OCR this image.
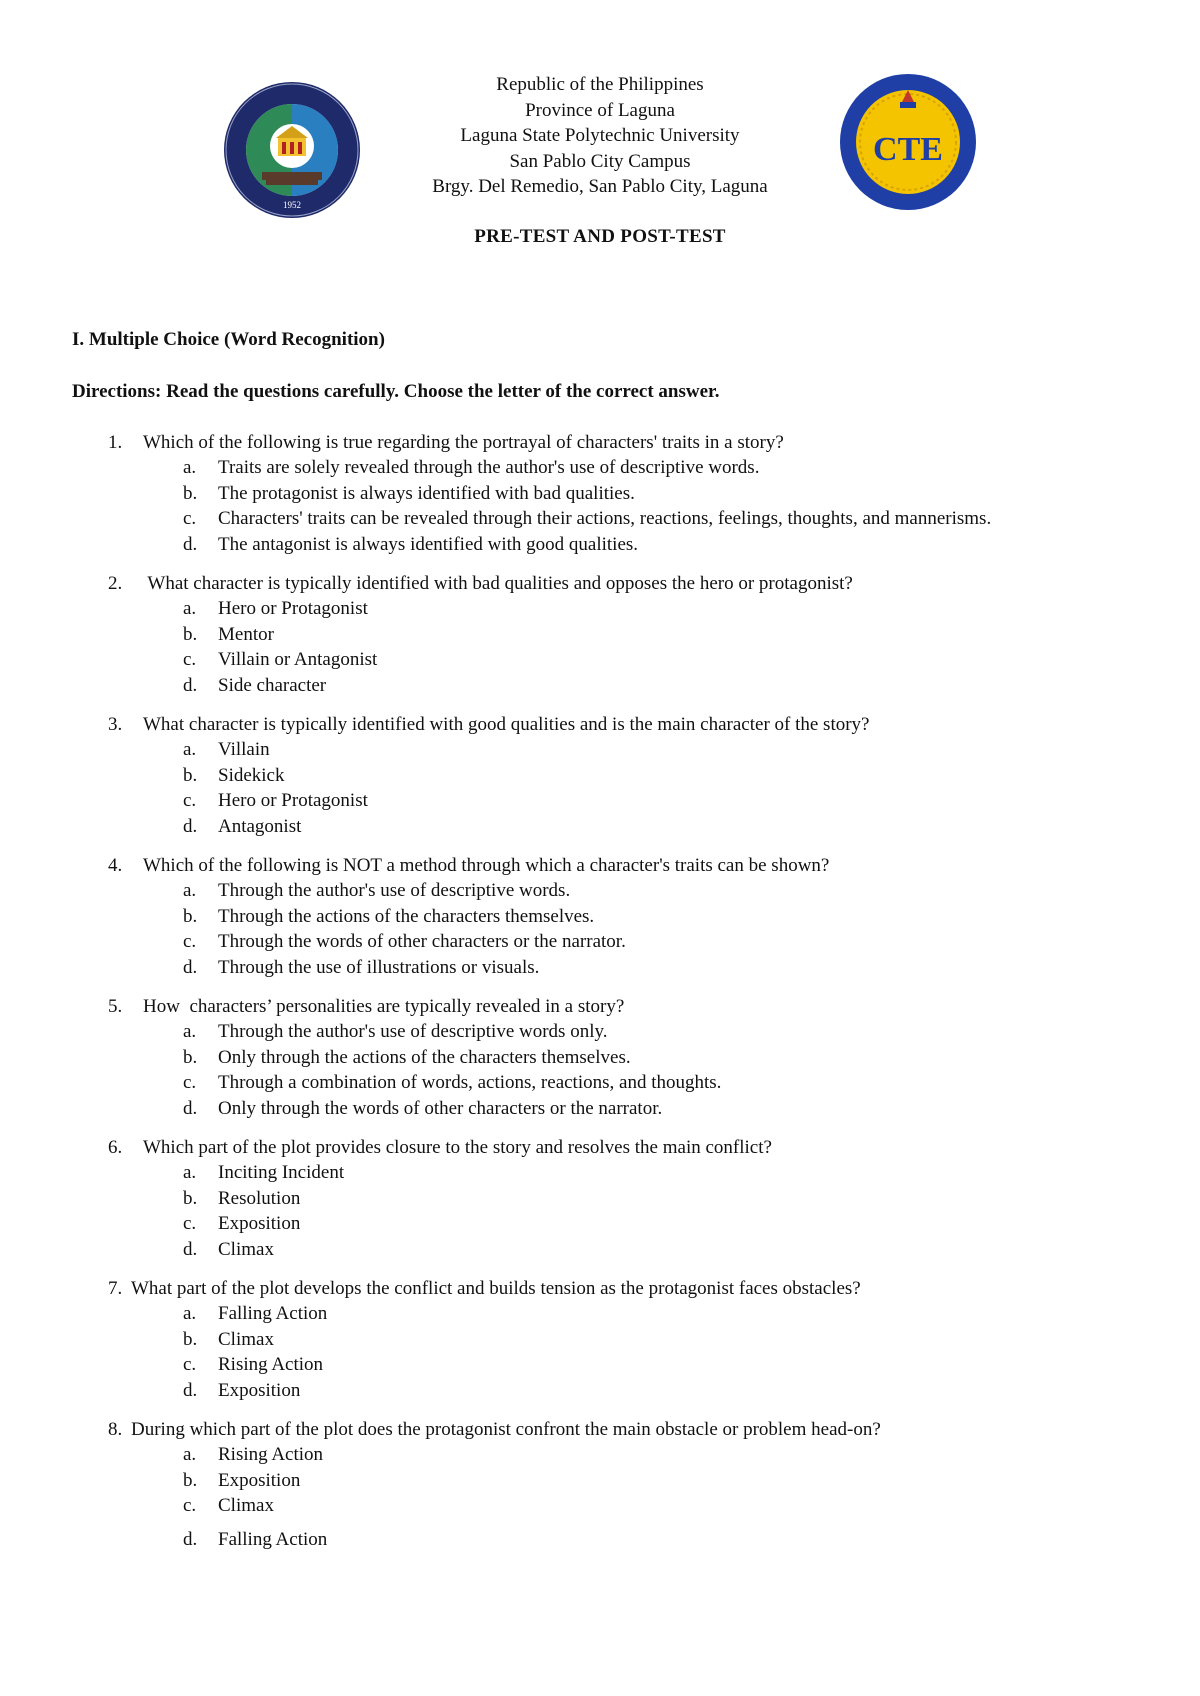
1952
Republic of the Philippines
Province of Laguna
Laguna State Polytechnic University
San Pablo City Campus
Brgy. Del Remedio, San Pablo City, Laguna
CTE
PRE-TEST AND POST-TEST
I. Multiple Choice (Word Recognition)
Directions: Read the questions carefully. Choose the letter of the correct answer.
1. Which of the following is true regarding the portrayal of characters' traits in a story?
a. Traits are solely revealed through the author's use of descriptive words.
b. The protagonist is always identified with bad qualities.
c. Characters' traits can be revealed through their actions, reactions, feelings, thoughts, and mannerisms.
d. The antagonist is always identified with good qualities.
2. What character is typically identified with bad qualities and opposes the hero or protagonist?
a. Hero or Protagonist
b. Mentor
c. Villain or Antagonist
d. Side character
3. What character is typically identified with good qualities and is the main character of the story?
a. Villain
b. Sidekick
c. Hero or Protagonist
d. Antagonist
4. Which of the following is NOT a method through which a character's traits can be shown?
a. Through the author's use of descriptive words.
b. Through the actions of the characters themselves.
c. Through the words of other characters or the narrator.
d. Through the use of illustrations or visuals.
5. How  characters’ personalities are typically revealed in a story?
a. Through the author's use of descriptive words only.
b. Only through the actions of the characters themselves.
c. Through a combination of words, actions, reactions, and thoughts.
d. Only through the words of other characters or the narrator.
6. Which part of the plot provides closure to the story and resolves the main conflict?
a. Inciting Incident
b. Resolution
c. Exposition
d. Climax
7. What part of the plot develops the conflict and builds tension as the protagonist faces obstacles?
a. Falling Action
b. Climax
c. Rising Action
d. Exposition
8. During which part of the plot does the protagonist confront the main obstacle or problem head-on?
a. Rising Action
b. Exposition
c. Climax
d. Falling Action
